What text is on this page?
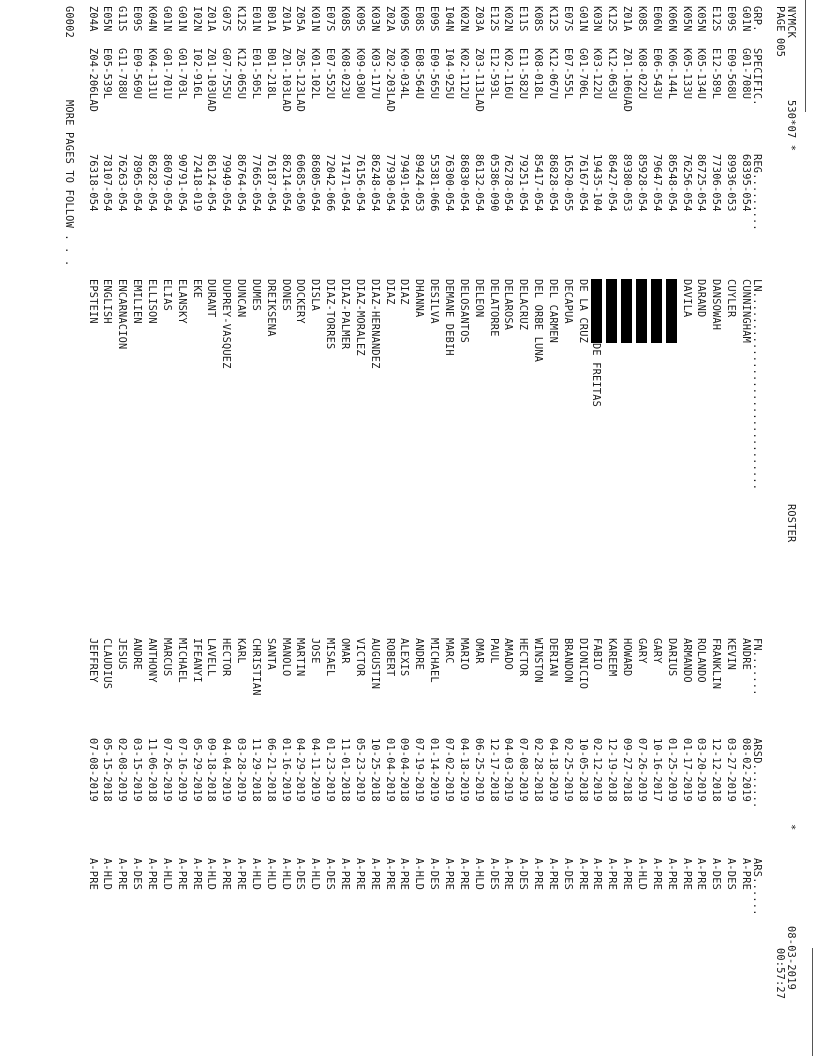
NYMCK
530*07 *
ROSTER
*
08-03-2019
PAGE 005
00:57:27
GRP.
SPECIFIC.
REG.........
LN...............................
FN.......
ARSD.......
ARS......
G01N
G01-708U
68395-054
CUNNINGHAM
ANDRE
08-02-2019
A-PRE
E09S
E09-568U
89936-053
CUYLER
KEVIN
03-27-2019
A-DES
E12S
E12-589L
77306-054
DANSOWAH
FRANKLIN
12-12-2018
A-DES
K05N
K05-134U
86725-054
DARAND
ROLANDO
03-20-2019
A-PRE
K05N
K05-133U
76256-054
DAVILA
ARMANDO
01-17-2019
A-PRE
K06N
K06-144L
86548-054
DARIUS
01-25-2019
A-PRE
E06N
E06-543U
79647-054
GARY
10-16-2017
A-PRE
K08S
K08-022U
85928-054
GARY
07-26-2019
A-HLD
Z01A
Z01-106UAD
89380-053
HOWARD
09-27-2018
A-PRE
K12S
K12-063U
86427-054
KAREEM
12-19-2018
A-PRE
K03N
K03-122U
19435-104
DE FREITAS
FABIO
02-12-2019
A-PRE
G01N
G01-706L
76167-054
DE LA CRUZ
DIONICIO
10-05-2018
A-PRE
E07S
E07-555L
16520-055
DECAPUA
BRANDON
02-25-2019
A-DES
K12S
K12-067U
86828-054
DEL CARMEN
DERIAN
04-18-2019
A-PRE
K08S
K08-018L
85417-054
DEL ORBE LUNA
WINSTON
02-28-2018
A-PRE
E11S
E11-582U
79251-054
DELACRUZ
HECTOR
07-08-2019
A-DES
K02N
K02-116U
76278-054
DELAROSA
AMADO
04-03-2019
A-PRE
E12S
E12-593L
05386-090
DELATORRE
PAUL
12-17-2018
A-DES
Z03A
Z03-113LAD
86132-054
DELEON
OMAR
06-25-2019
A-HLD
K02N
K02-112U
86830-054
DELOSANTOS
MARIO
04-18-2019
A-PRE
I04N
I04-925U
76300-054
DEMANE DEBIH
MARC
07-02-2019
A-PRE
E09S
E09-565U
55381-066
DESILVA
MICHAEL
01-14-2019
A-DES
E08S
E08-564U
89424-053
DHANNA
ANDRE
07-19-2019
A-HLD
K09S
K09-034L
79491-054
DIAZ
ALEXIS
09-04-2018
A-PRE
Z02A
Z02-203LAD
77930-054
DIAZ
ROBERT
01-04-2019
A-PRE
K03N
K03-117U
86248-054
DIAZ-HERNANDEZ
AUGUSTIN
10-25-2018
A-PRE
K09S
K09-030U
76156-054
DIAZ-MORALEZ
VICTOR
05-23-2019
A-PRE
K08S
K08-023U
71471-054
DIAZ-PALMER
OMAR
11-01-2018
A-PRE
E07S
E07-552U
72042-066
DIAZ-TORRES
MISAEL
01-23-2019
A-DES
K01N
K01-102L
86805-054
DISLA
JOSE
04-11-2019
A-HLD
Z05A
Z05-123LAD
60685-050
DOCKERY
MARTIN
04-29-2019
A-DES
Z01A
Z01-103LAD
86214-054
DONES
MANOLO
01-16-2019
A-HLD
B01A
B01-218L
76187-054
DREIKSENA
SANTA
06-21-2018
A-HLD
E01N
E01-505L
77665-054
DUMES
CHRISTIAN
11-29-2018
A-HLD
K12S
K12-065U
86764-054
DUNCAN
KARL
03-28-2019
A-PRE
G07S
G07-755U
79949-054
DUPREY-VASQUEZ
HECTOR
04-04-2019
A-PRE
Z01A
Z01-103UAD
86124-054
DURANT
LAVELL
09-18-2018
A-HLD
I02N
I02-916L
72418-019
EKE
IFEANYI
05-29-2019
A-PRE
G01N
G01-703L
90791-054
ELANSKY
MICHAEL
07-16-2019
A-PRE
G01N
G01-701U
86079-054
ELIAS
MARCUS
07-26-2019
A-HLD
K04N
K04-131U
86282-054
ELLISON
ANTHONY
11-06-2018
A-PRE
E09S
E09-569U
78965-054
EMILIEN
ANDRE
03-15-2019
A-DES
G11S
G11-788U
76263-054
ENCARNACION
JESUS
02-08-2019
A-PRE
E05N
E05-539L
78107-054
ENGLISH
CLAUDIUS
05-15-2018
A-HLD
Z04A
Z04-206LAD
76318-054
EPSTEIN
JEFFREY
07-08-2019
A-PRE
G0002
MORE PAGES TO FOLLOW . . .
